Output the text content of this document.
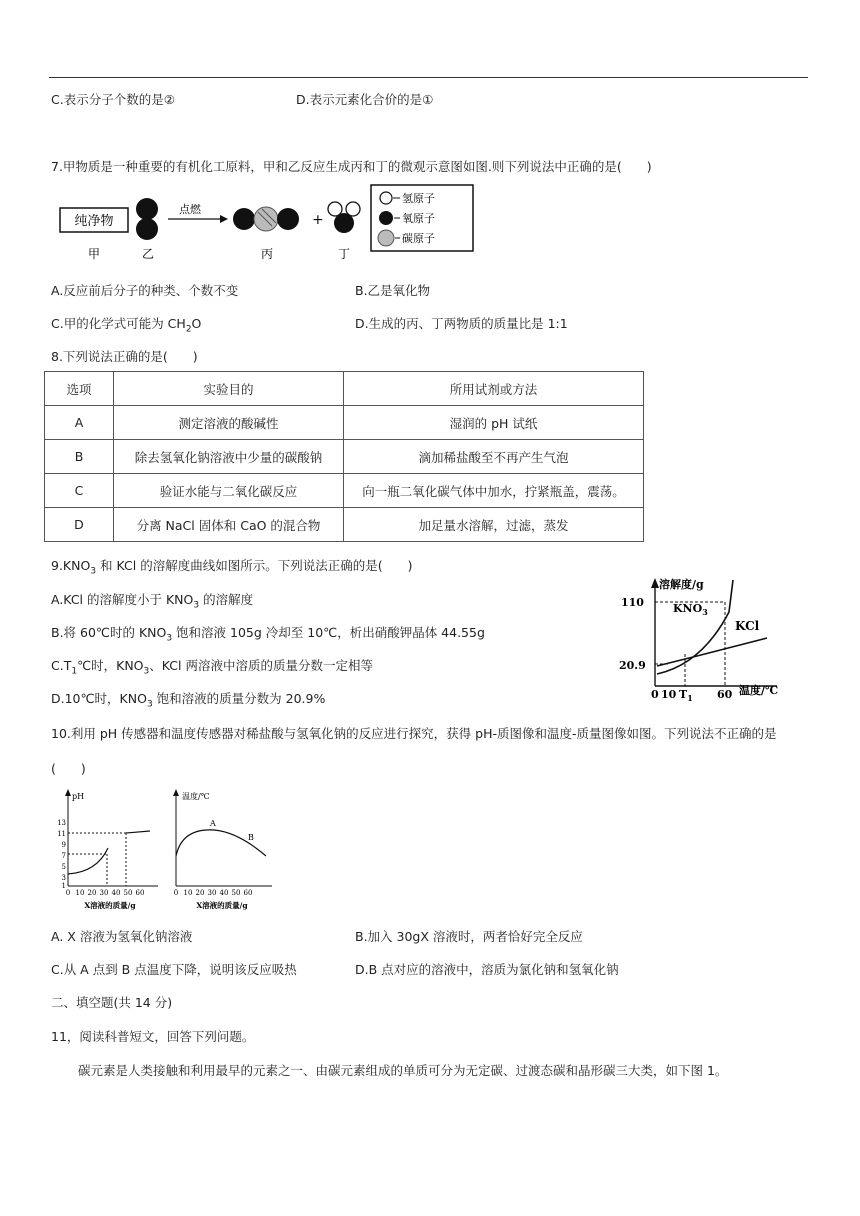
C.表示分子个数的是②	D.表示元素化合价的是①
7.甲物质是一种重要的有机化工原料，甲和乙反应生成丙和丁的微观示意图如图.则下列说法中正确的是(　　)
纯净物
点燃
+
氢原子
氧原子
碳原子
甲	乙	丙	丁
A.反应前后分子的种类、个数不变	B.乙是氧化物
C.甲的化学式可能为 $CH_2O$	D.生成的丙、丁两物质的质量比是 1:1
8.下列说法正确的是(　　)
选项	实验目的	所用试剂或方法
A	测定溶液的酸碱性	湿润的 pH 试纸
B	除去氢氧化钠溶液中少量的碳酸钠	滴加稀盐酸至不再产生气泡
C	验证水能与二氧化碳反应	向一瓶二氧化碳气体中加水，拧紧瓶盖，震荡。
D	分离 NaCl 固体和 CaO 的混合物	加足量水溶解，过滤，蒸发
$9.KNO_3$ 和 KCl 的溶解度曲线如图所示。下列说法正确的是(　　)
A.KCl 的溶解度小于 $KNO_3$ 的溶解度
B.将 60℃时的 $KNO_3$ 饱和溶液 105g 冷却至 10℃，析出硝酸钾晶体 44.55g
$C.T_1℃$时，$KNO_3$、KCl 两溶液中溶质的质量分数一定相等
D.10℃时，$KNO_3$ 饱和溶液的质量分数为 20.9%
溶解度/g
温度/℃
110
20.9
$KNO_3$
KCl
0 10 $T_1$ 60
10.利用 pH 传感器和温度传感器对稀盐酸与氢氧化钠的反应进行探究，获得 pH-质图像和温度-质量图像如图。下列说法不正确的是
(　　)
pH
13
11
9
7
5
3
1
0 10 20 30 40 50 60
X溶液的质量/g
温度/℃
A
B
0 10 20 30 40 50 60
X溶液的质量/g
A. X 溶液为氢氧化钠溶液	B.加入 30gX 溶液时，两者恰好完全反应
C.从 A 点到 B 点温度下降，说明该反应吸热	D.B 点对应的溶液中，溶质为氯化钠和氢氧化钠
二、填空题(共 14 分)
11，阅读科普短文，回答下列问题。
碳元素是人类接触和利用最早的元素之一、由碳元素组成的单质可分为无定碳、过渡态碳和晶形碳三大类，如下图 1。
